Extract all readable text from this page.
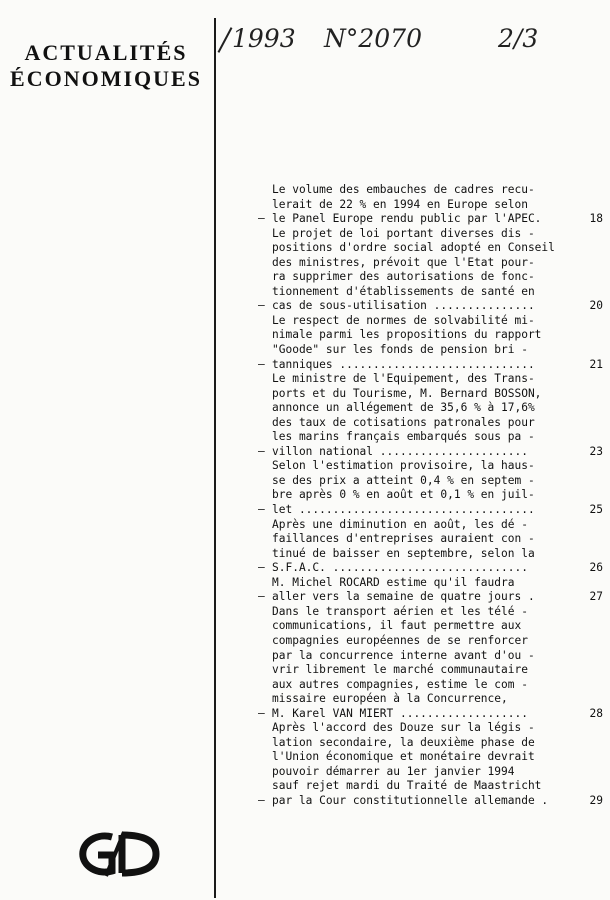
ACTUALITÉS
ÉCONOMIQUES
1993 N°2070	2/3
–
Le volume des embauches de cadres recu-
lerait de 22 % en 1994 en Europe selon
le Panel Europe rendu public par l'APEC.	18
–
Le projet de loi portant diverses dis -
positions d'ordre social adopté en Conseil
des ministres, prévoit que l'Etat pour-
ra supprimer des autorisations de fonc-
tionnement d'établissements de santé en
cas de sous-utilisation ...............	20
–
Le respect de normes de solvabilité mi-
nimale parmi les propositions du rapport
"Goode" sur les fonds de pension bri -
tanniques .............................	21
–
Le ministre de l'Equipement, des Trans-
ports et du Tourisme, M. Bernard BOSSON,
annonce un allégement de 35,6 % à 17,6%
des taux de cotisations patronales pour
les marins français embarqués sous pa -
villon national ......................	23
–
Selon l'estimation provisoire, la haus-
se des prix a atteint 0,4 % en septem -
bre après 0 % en août et 0,1 % en juil-
let ...................................	25
–
Après une diminution en août, les dé -
faillances d'entreprises auraient con -
tinué de baisser en septembre, selon la
S.F.A.C. .............................	26
–
M. Michel ROCARD estime qu'il faudra
aller vers la semaine de quatre jours .	27
–
Dans le transport aérien et les télé -
communications, il faut permettre aux
compagnies européennes de se renforcer
par la concurrence interne avant d'ou -
vrir librement le marché communautaire
aux autres compagnies, estime le com -
missaire européen à la Concurrence,
M. Karel VAN MIERT ...................	28
–
Après l'accord des Douze sur la légis -
lation secondaire, la deuxième phase de
l'Union économique et monétaire devrait
pouvoir démarrer au 1er janvier 1994
sauf rejet mardi du Traité de Maastricht
par la Cour constitutionnelle allemande .	29
